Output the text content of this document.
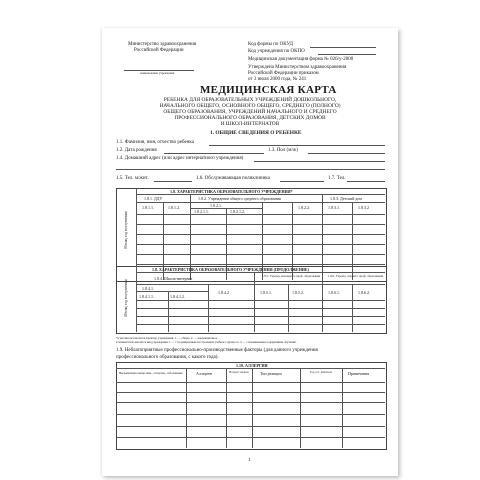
Министерство здравоохранения
Российской Федерации
наименование учреждения
Код формы по ОКУД
Код учреждения по ОКПО
Медицинская документация форма № 026/у-2000
Утверждена Министерством здравоохранения
Российской Федерации приказом
от 3 июля 2000 года, № 241
МЕДИЦИНСКАЯ КАРТА
РЕБЕНКА ДЛЯ ОБРАЗОВАТЕЛЬНЫХ УЧРЕЖДЕНИЙ ДОШКОЛЬНОГО,
НАЧАЛЬНОГО ОБЩЕГО, ОСНОВНОГО ОБЩЕГО, СРЕДНЕГО (ПОЛНОГО)
ОБЩЕГО ОБРАЗОВАНИЯ, УЧРЕЖДЕНИЙ НАЧАЛЬНОГО И СРЕДНЕГО
ПРОФЕССИОНАЛЬНОГО ОБРАЗОВАНИЯ, ДЕТСКИХ ДОМОВ
И ШКОЛ-ИНТЕРНАТОВ
1. ОБЩИЕ СВЕДЕНИЯ О РЕБЕНКЕ
1.1. Фамилия, имя, отчество ребенка
1.2. Дата рождения	1.3. Пол (м/ж)
1.4. Домашний адрес (или адрес интернатного учреждения)
1.5. Тел. м/жит.	1.6. Обслуживающая поликлиника	1.7. Тел.
Месяц, год поступления
1.8. ХАРАКТЕРИСТИКА ОБРАЗОВАТЕЛЬНОГО УЧРЕЖДЕНИЯ*
1.8.1. ДДУ	1.8.2. Учреждение общего среднего образования	1.8.3. Детский дом
1.8.2.1.
1.8.2.1.1.	1.8.2.1.2.
1.8.1.1.	1.8.1.2.	1.8.2.2.	1.8.3.1.	1.8.3.2
Месяц, год поступления
1.8. ХАРАКТЕРИСТИКА ОБРАЗОВАТЕЛЬНОГО УЧРЕЖДЕНИЯ (ПРОДОЛЖЕНИЕ)
1.8.4. Школа-интернат	1.8.5. Учрежд. начального проф. образования	1.8.6. Учрежд. среднего проф. образования
1.8.4.1.
1.8.4.1.1.	1.8.4.1.2.
1.8.4.2	1.8.5.1.	1.8.5.2.	1.8.6.1.	1.8.6.2.
*в числителе вносится характер учреждения: 1. — общее, 2. — коррекционное.
в знаменателе вносится вид учреждения: 1 — с традиционным построением учебного процесса, 2 — с повышенным содержанием обучения.
1.9. Неблагоприятные профессионально-производственные факторы (для данного учреждения
профессионального образования, с какого года).
1.10. АЛЛЕРГИЯ
Вызывающая лекарствен., аллерген., заболевание	Аллерген	Возраст начала	Тип реакции	Год уст. диагноза	Примечания
1
